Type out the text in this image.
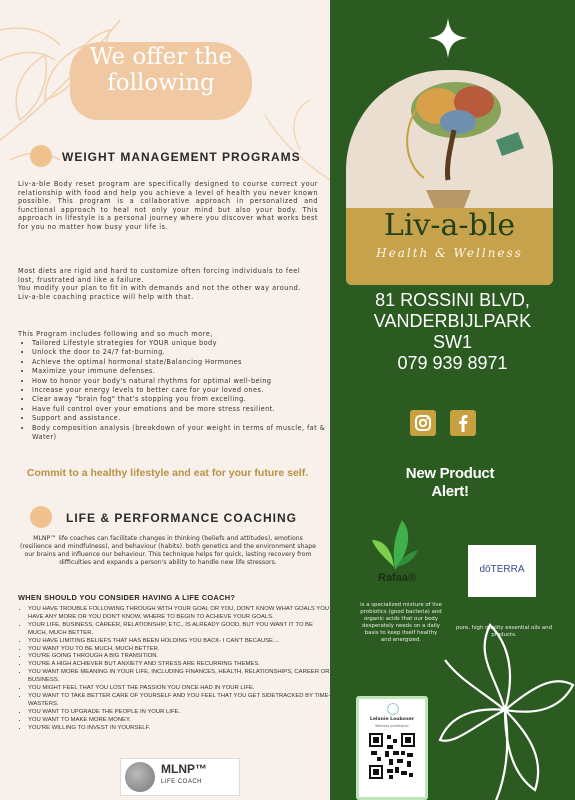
We offer the
following
WEIGHT MANAGEMENT PROGRAMS
Liv-a-ble Body reset program are specifically designed to course correct your relationship with food and help you achieve a level of health you never known possible. This program is a collaborative approach in personalized and functional approach to heal not only your mind but also your body. This approach in lifestyle is a personal journey where you discover what works best for you no matter how busy your life is.

Most diets are rigid and hard to customize often forcing individuals to feel lost, frustrated and like a failure.

You modify your plan to fit in with demands and not the other way around.

Liv-a-ble coaching practice will help with that.

This Program includes following and so much more,
• Tailored Lifestyle strategies for YOUR unique body
• Unlock the door to 24/7 fat-burning.
• Achieve the optimal hormonal state/Balancing Hormones
• Maximize your immune defenses.
• How to honor your body's natural rhythms for optimal well-being
• Increase your energy levels to better care for your loved ones.
• Clear away "brain fog" that's stopping you from excelling.
• Have full control over your emotions and be more stress resilient.
• Support and assistance.
• Body composition analysis (breakdown of your weight in terms of muscle, fat & Water)
Commit to a healthy lifestyle and eat for your future self.
LIFE & PERFORMANCE COACHING
MLNP™ life coaches can facilitate changes in thinking (beliefs and attitudes), emotions (resilience and mindfulness), and behaviour (habits). both genetics and the environment shape our brains and influence our behaviour. This technique helps for quick, lasting recovery from difficulties and expands a person's ability to handle new life stressors.
WHEN SHOULD YOU CONSIDER HAVING A LIFE COACH?
• YOU HAVE TROUBLE FOLLOWING THROUGH WITH YOUR GOAL OR YOU, DON'T KNOW WHAT GOALS YOU HAVE ANY MORE OR YOU DON'T KNOW, WHERE TO BEGIN TO ACHIEVE YOUR GOALS.
• YOUR LIFE, BUSINESS, CAREER, RELATIONSHIP, ETC., IS ALREADY GOOD, BUT YOU WANT IT TO BE MUCH, MUCH BETTER.
• YOU HAVE LIMITING BELIEFS THAT HAS BEEN HOLDING YOU BACK- I CAN'T BECAUSE....
• YOU WANT YOU TO BE MUCH, MUCH BETTER.
• YOU'RE GOING THROUGH A BIG TRANSITION.
• YOU'RE A HIGH ACHIEVER BUT ANXIETY AND STRESS ARE RECURRING THEMES.
• YOU WANT MORE MEANING IN YOUR LIFE, INCLUDING FINANCES, HEALTH, RELATIONSHIPS, CAREER OR BUSINESS.
• YOU MIGHT FEEL THAT YOU LOST THE PASSION YOU ONCE HAD IN YOUR LIFE.
• YOU WANT TO TAKE BETTER CARE OF YOURSELF AND YOU FEEL THAT YOU GET SIDETRACKED BY TIME-WASTERS.
• YOU WANT TO UPGRADE THE PEOPLE IN YOUR LIFE.
• YOU WANT TO MAKE MORE MONEY.
• YOU'RE WILLING TO INVEST IN YOURSELF.
MLNP™
LIFE COACH
Liv-a-ble
Health & Wellness
81 ROSSINI BLVD,
VANDERBIJLPARK
SW1
079 939 8971
New Product
Alert!
Rafaa®
is a specialized mixture of live probiotics (good bacteria) and organic acids that our body desperately needs on a daily basis to keep itself healthy and energized.
dōTERRA
pure, high quality essential oils and products.
Lelanie Louboser
Wellness practitioner
